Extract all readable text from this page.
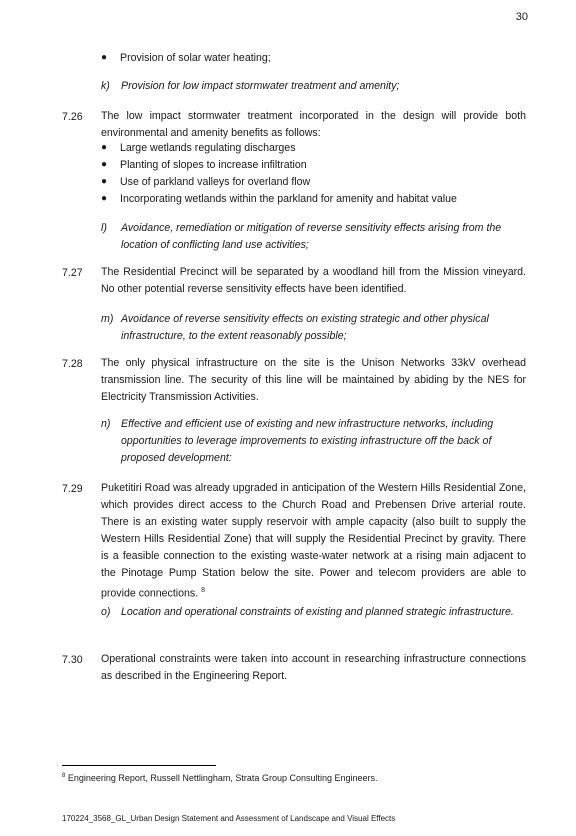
30
● Provision of solar water heating;
k) Provision for low impact stormwater treatment and amenity;
7.26 The low impact stormwater treatment incorporated in the design will provide both environmental and amenity benefits as follows:
● Large wetlands regulating discharges
● Planting of slopes to increase infiltration
● Use of parkland valleys for overland flow
● Incorporating wetlands within the parkland for amenity and habitat value
l) Avoidance, remediation or mitigation of reverse sensitivity effects arising from the location of conflicting land use activities;
7.27 The Residential Precinct will be separated by a woodland hill from the Mission vineyard. No other potential reverse sensitivity effects have been identified.
m) Avoidance of reverse sensitivity effects on existing strategic and other physical infrastructure, to the extent reasonably possible;
7.28 The only physical infrastructure on the site is the Unison Networks 33kV overhead transmission line. The security of this line will be maintained by abiding by the NES for Electricity Transmission Activities.
n) Effective and efficient use of existing and new infrastructure networks, including opportunities to leverage improvements to existing infrastructure off the back of proposed development:
7.29 Puketitiri Road was already upgraded in anticipation of the Western Hills Residential Zone, which provides direct access to the Church Road and Prebensen Drive arterial route. There is an existing water supply reservoir with ample capacity (also built to supply the Western Hills Residential Zone) that will supply the Residential Precinct by gravity. There is a feasible connection to the existing waste-water network at a rising main adjacent to the Pinotage Pump Station below the site. Power and telecom providers are able to provide connections. $^8$
o) Location and operational constraints of existing and planned strategic infrastructure.
7.30 Operational constraints were taken into account in researching infrastructure connections as described in the Engineering Report.
$^8$ Engineering Report, Russell Nettlingham, Strata Group Consulting Engineers.
170224_3568_GL_Urban Design Statement and Assessment of Landscape and Visual Effects
